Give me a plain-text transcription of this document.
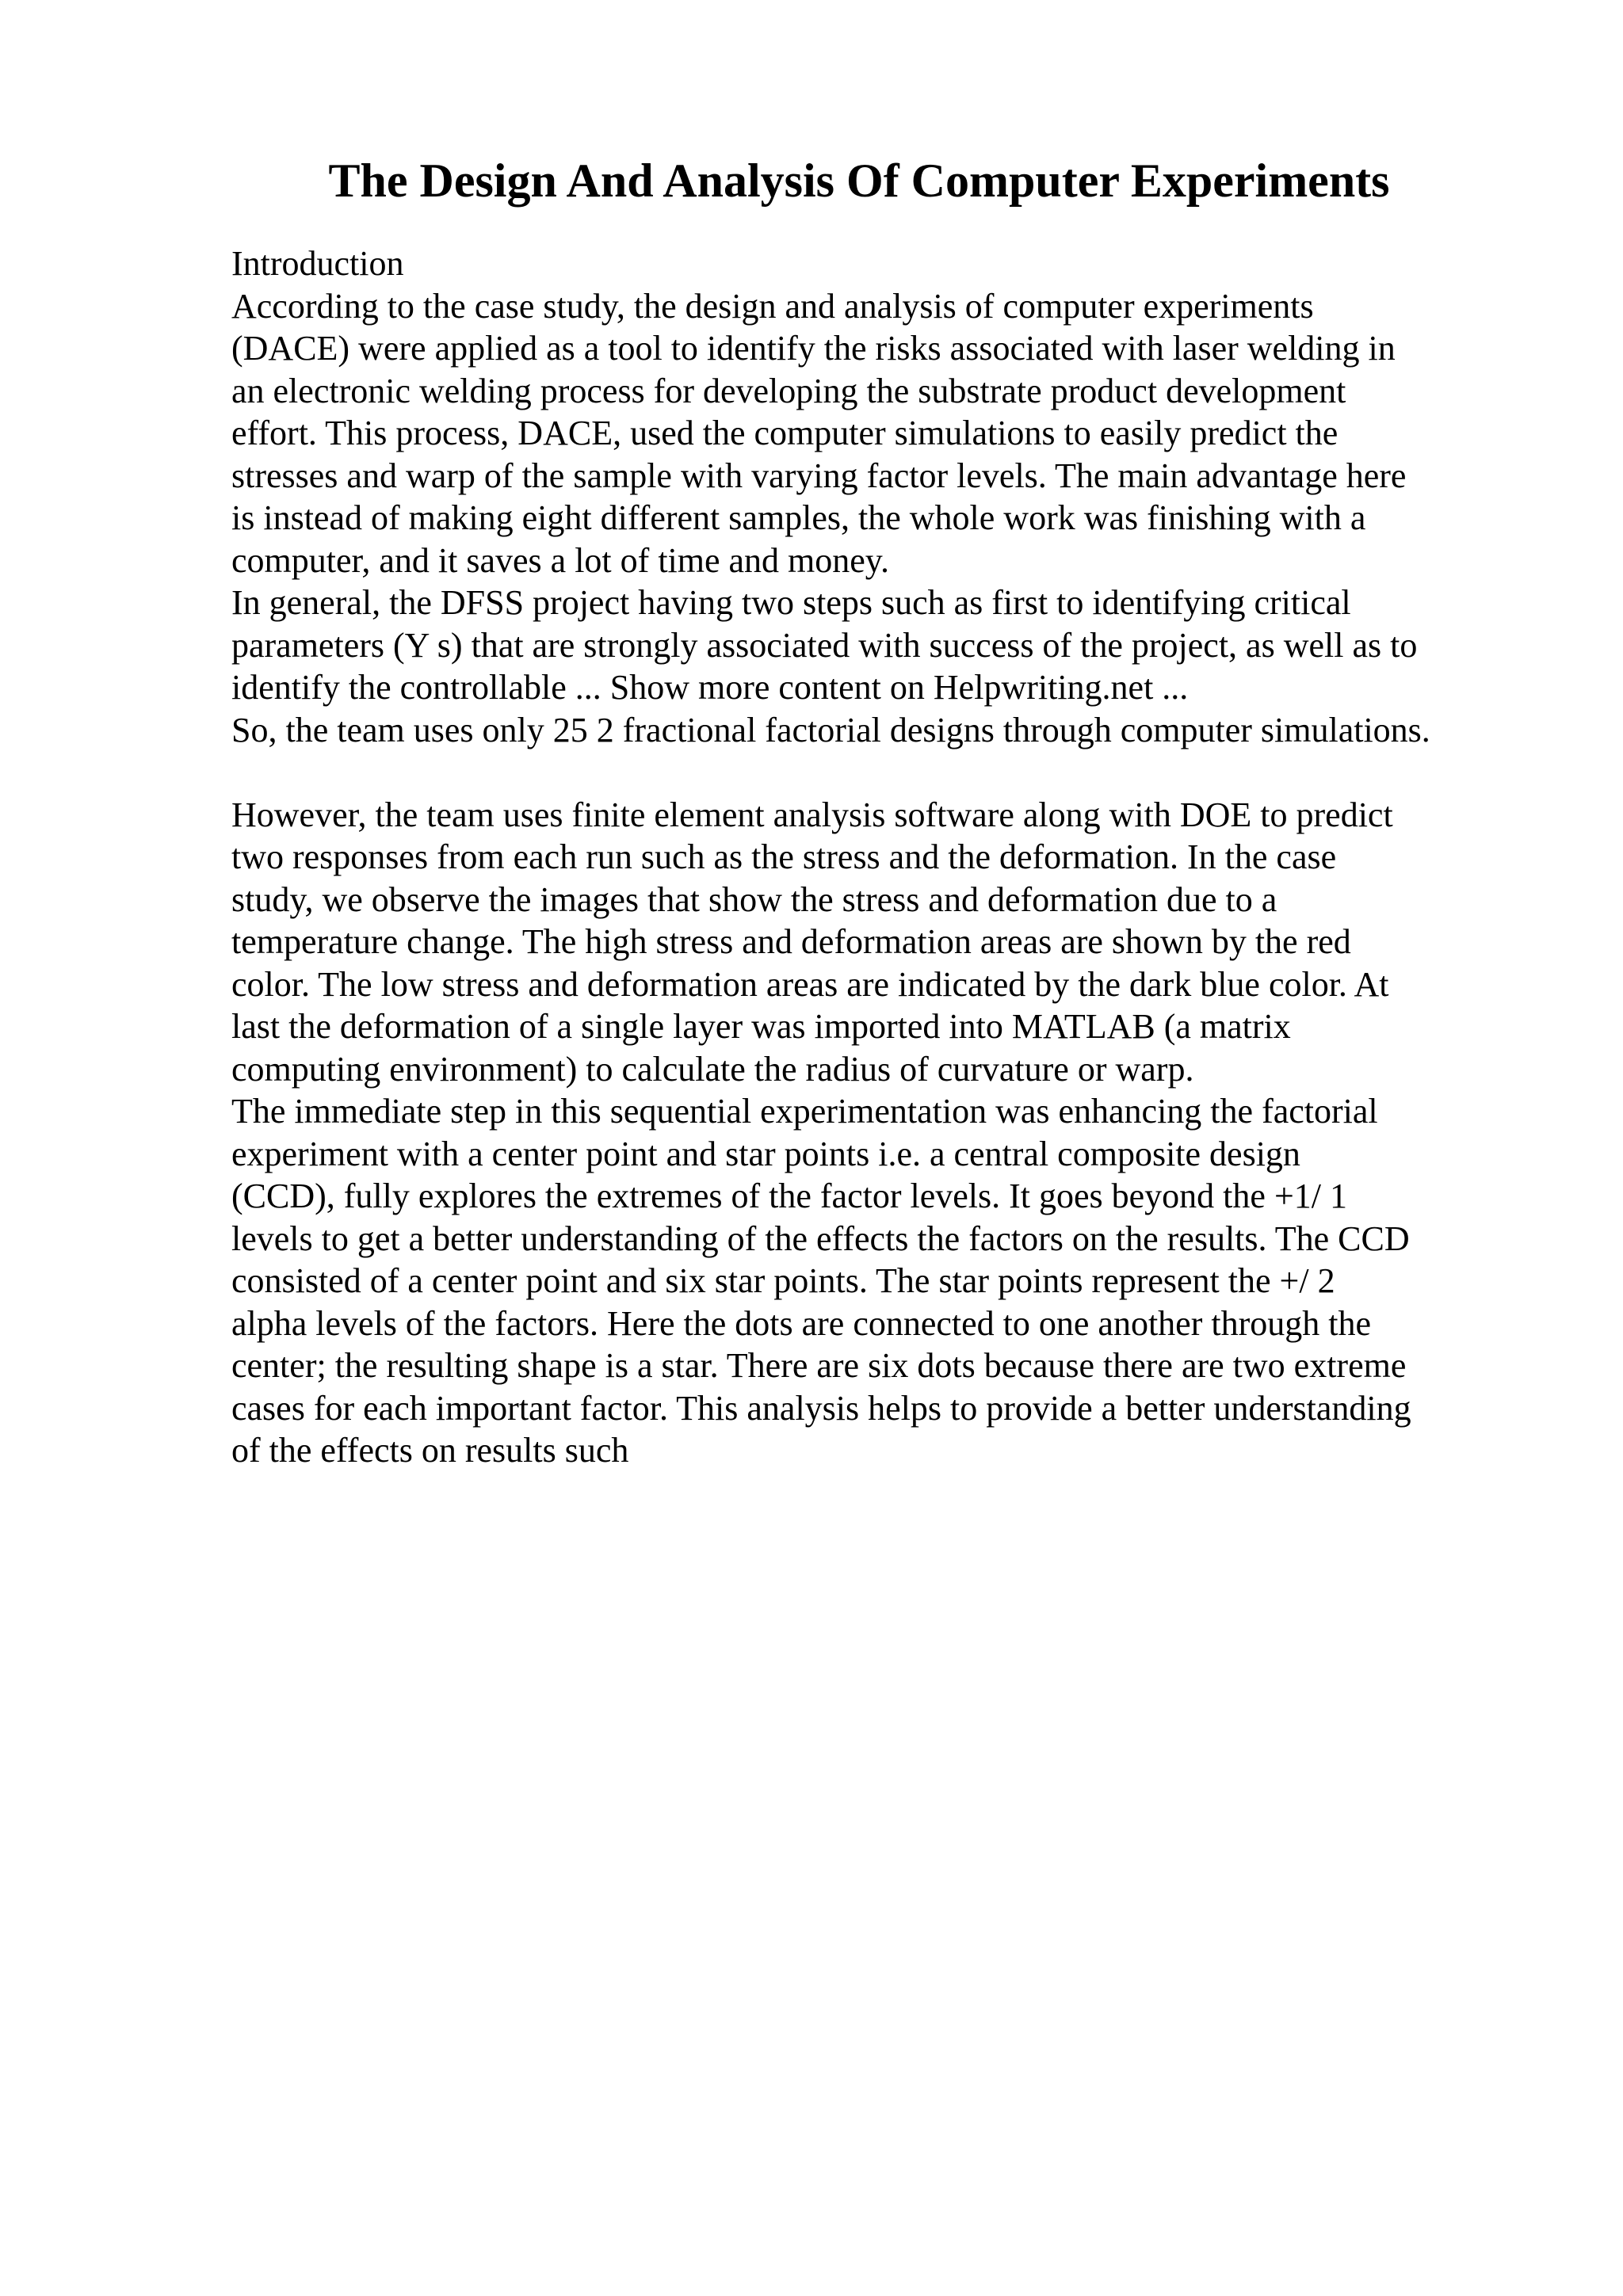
The Design And Analysis Of Computer Experiments
Introduction
According to the case study, the design and analysis of computer experiments
(DACE) were applied as a tool to identify the risks associated with laser welding in
an electronic welding process for developing the substrate product development
effort. This process, DACE, used the computer simulations to easily predict the
stresses and warp of the sample with varying factor levels. The main advantage here
is instead of making eight different samples, the whole work was finishing with a
computer, and it saves a lot of time and money.
In general, the DFSS project having two steps such as first to identifying critical
parameters (Y s) that are strongly associated with success of the project, as well as to
identify the controllable ... Show more content on Helpwriting.net ...
So, the team uses only 25 2 fractional factorial designs through computer simulations.
However, the team uses finite element analysis software along with DOE to predict
two responses from each run such as the stress and the deformation. In the case
study, we observe the images that show the stress and deformation due to a
temperature change. The high stress and deformation areas are shown by the red
color. The low stress and deformation areas are indicated by the dark blue color. At
last the deformation of a single layer was imported into MATLAB (a matrix
computing environment) to calculate the radius of curvature or warp.
The immediate step in this sequential experimentation was enhancing the factorial
experiment with a center point and star points i.e. a central composite design
(CCD), fully explores the extremes of the factor levels. It goes beyond the +1/ 1
levels to get a better understanding of the effects the factors on the results. The CCD
consisted of a center point and six star points. The star points represent the +/ 2
alpha levels of the factors. Here the dots are connected to one another through the
center; the resulting shape is a star. There are six dots because there are two extreme
cases for each important factor. This analysis helps to provide a better understanding
of the effects on results such
